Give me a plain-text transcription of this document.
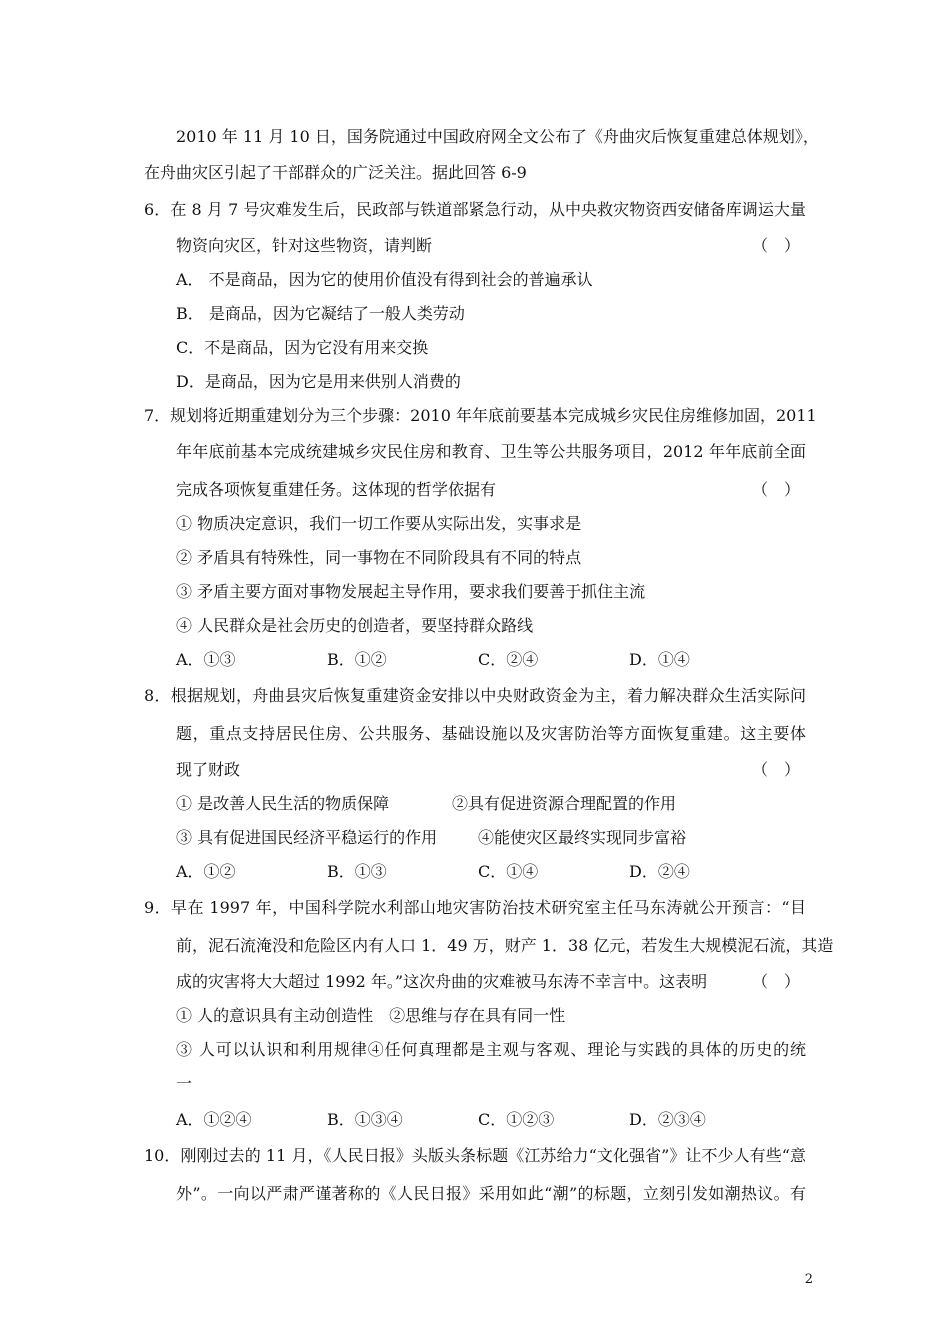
2010 年 11 月 10 日，国务院通过中国政府网全文公布了《舟曲灾后恢复重建总体规划》，
在舟曲灾区引起了干部群众的广泛关注。据此回答 6-9
6．在 8 月 7 号灾难发生后，民政部与铁道部紧急行动，从中央救灾物资西安储备库调运大量
物资向灾区，针对这些物资，请判断	（　）
A． 不是商品，因为它的使用价值没有得到社会的普遍承认
B． 是商品，因为它凝结了一般人类劳动
C．不是商品，因为它没有用来交换
D．是商品，因为它是用来供别人消费的
7．规划将近期重建划分为三个步骤：2010 年年底前要基本完成城乡灾民住房维修加固，2011
年年底前基本完成统建城乡灾民住房和教育、卫生等公共服务项目，2012 年年底前全面
完成各项恢复重建任务。这体现的哲学依据有	（　）
① 物质决定意识，我们一切工作要从实际出发，实事求是
② 矛盾具有特殊性，同一事物在不同阶段具有不同的特点
③ 矛盾主要方面对事物发展起主导作用，要求我们要善于抓住主流
④ 人民群众是社会历史的创造者，要坚持群众路线
A．①③	B．①②	C．②④	D．①④
8．根据规划，舟曲县灾后恢复重建资金安排以中央财政资金为主，着力解决群众生活实际问
题，重点支持居民住房、公共服务、基础设施以及灾害防治等方面恢复重建。这主要体
现了财政	（　）
① 是改善人民生活的物质保障	②具有促进资源合理配置的作用
③ 具有促进国民经济平稳运行的作用	④能使灾区最终实现同步富裕
A．①②	B．①③	C．①④	D．②④
9．早在 1997 年，中国科学院水利部山地灾害防治技术研究室主任马东涛就公开预言：“目
前，泥石流淹没和危险区内有人口 1．49 万，财产 1．38 亿元，若发生大规模泥石流，其造
成的灾害将大大超过 1992 年。”这次舟曲的灾难被马东涛不幸言中。这表明	（　）
① 人的意识具有主动创造性　②思维与存在具有同一性
③ 人可以认识和利用规律④任何真理都是主观与客观、理论与实践的具体的历史的统
一
A．①②④	B．①③④	C．①②③	D．②③④
10．刚刚过去的 11 月，《人民日报》头版头条标题《江苏给力“文化强省”》让不少人有些“意
外”。一向以严肃严谨著称的《人民日报》采用如此“潮”的标题，立刻引发如潮热议。有
2
